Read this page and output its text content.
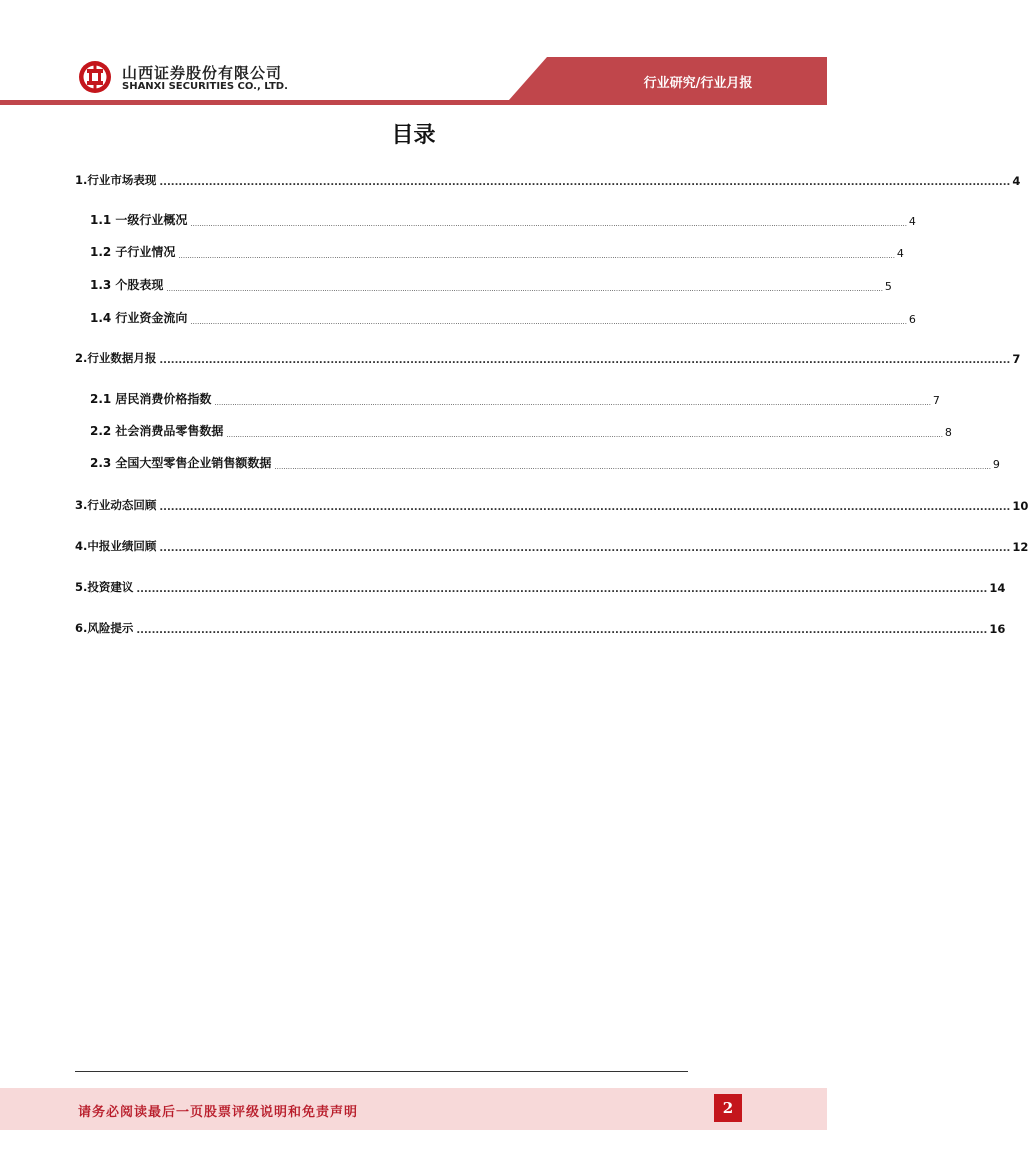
山西证券股份有限公司
SHANXI SECURITIES CO., LTD.	行业研究/行业月报
目录
1.行业市场表现 ................................................................................................................................................................................................................................ 4
1.1 一级行业概况 .................................................................................................................................................................................................................................................................................................................................. 4
1.2 子行业情况 .................................................................................................................................................................................................................................................................................................................................. 4
1.3 个股表现 .................................................................................................................................................................................................................................................................................................................................. 5
1.4 行业资金流向 .................................................................................................................................................................................................................................................................................................................................. 6
2.行业数据月报 ................................................................................................................................................................................................................................ 7
2.1 居民消费价格指数 .................................................................................................................................................................................................................................................................................................................................. 7
2.2 社会消费品零售数据 .................................................................................................................................................................................................................................................................................................................................. 8
2.3 全国大型零售企业销售额数据 .................................................................................................................................................................................................................................................................................................................................. 9
3.行业动态回顾 ................................................................................................................................................................................................................................ 10
4.中报业绩回顾 ................................................................................................................................................................................................................................ 12
5.投资建议 ................................................................................................................................................................................................................................ 14
6.风险提示 ................................................................................................................................................................................................................................ 16
请务必阅读最后一页股票评级说明和免责声明	2
